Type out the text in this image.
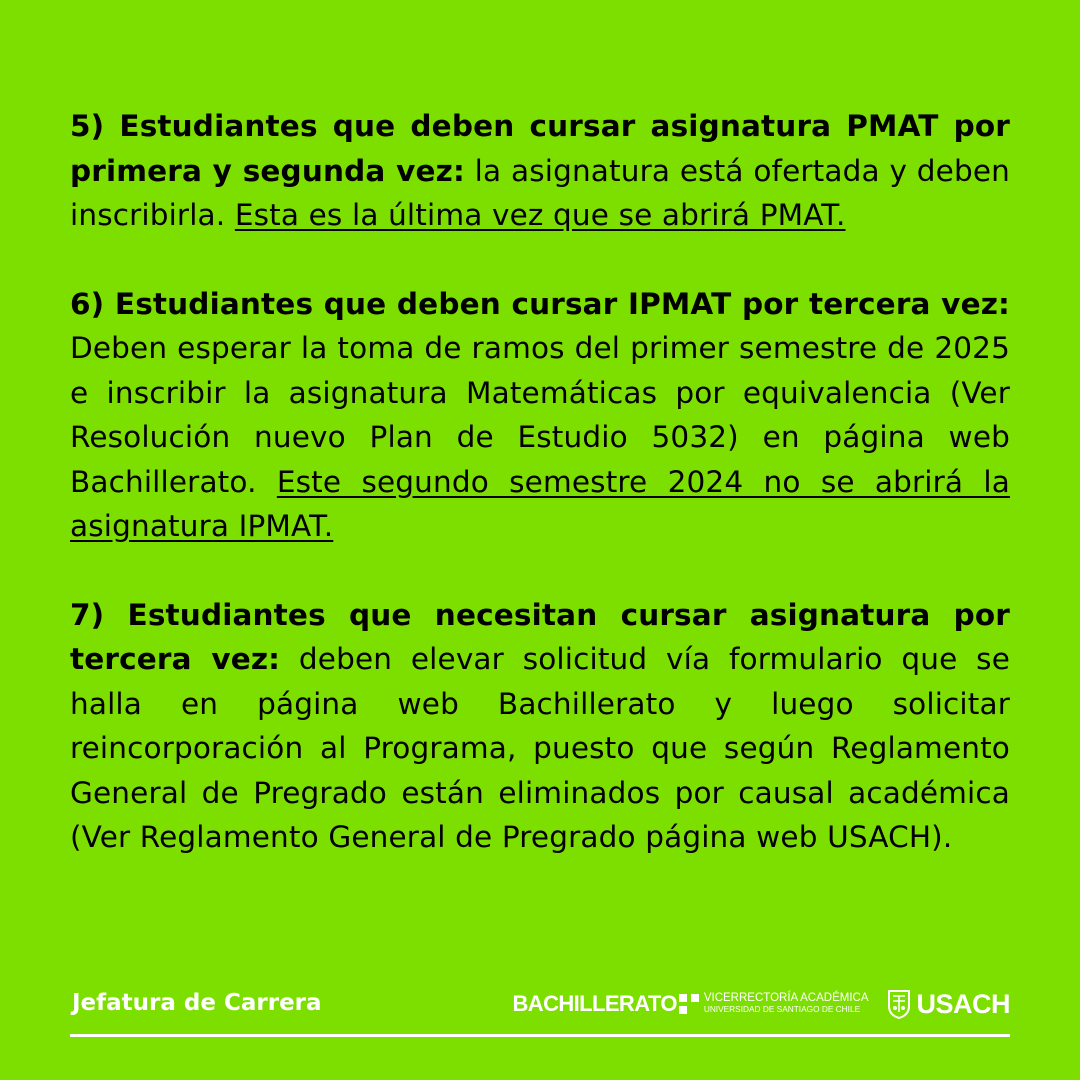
5) Estudiantes que deben cursar asignatura PMAT por primera y segunda vez: la asignatura está ofertada y deben inscribirla. Esta es la última vez que se abrirá PMAT.

6) Estudiantes que deben cursar IPMAT por tercera vez: Deben esperar la toma de ramos del primer semestre de 2025 e inscribir la asignatura Matemáticas por equivalencia (Ver Resolución nuevo Plan de Estudio 5032) en página web Bachillerato. Este segundo semestre 2024 no se abrirá la asignatura IPMAT.

7) Estudiantes que necesitan cursar asignatura por tercera vez: deben elevar solicitud vía formulario que se halla en página web Bachillerato y luego solicitar reincorporación al Programa, puesto que según Reglamento General de Pregrado están eliminados por causal académica (Ver Reglamento General de Pregrado página web USACH).

Jefatura de Carrera	BACHILLERATO VICERRECTORÍA ACADÉMICA
UNIVERSIDAD DE SANTIAGO DE CHILE	USACH
